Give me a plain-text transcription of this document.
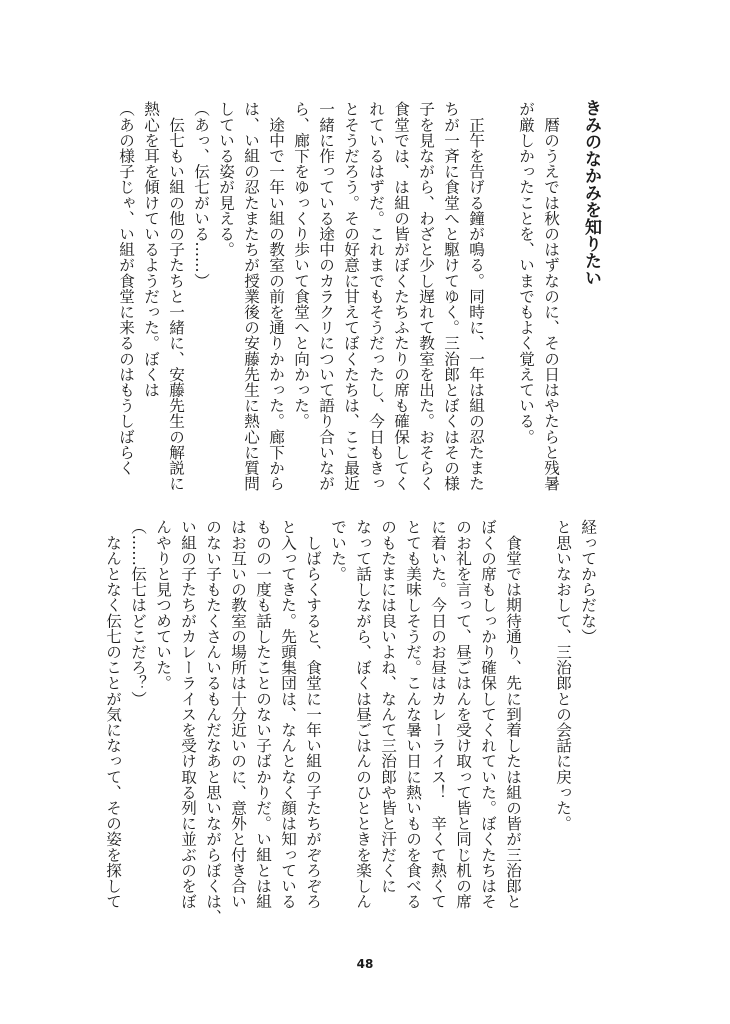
きみのなかみを知りたい
　暦のうえでは秋のはずなのに、その日はやたらと残暑
が厳しかったことを、いまでもよく覚えている。
　正午を告げる鐘が鳴る。同時に、一年は組の忍たまた
ちが一斉に食堂へと駆けてゆく。三治郎とぼくはその様
子を見ながら、わざと少し遅れて教室を出た。おそらく
食堂では、は組の皆がぼくたちふたりの席も確保してく
れているはずだ。これまでもそうだったし、今日もきっ
とそうだろう。その好意に甘えてぼくたちは、ここ最近
一緒に作っている途中のカラクリについて語り合いなが
ら、廊下をゆっくり歩いて食堂へと向かった。
　途中で一年い組の教室の前を通りかかった。廊下から
は、い組の忍たまたちが授業後の安藤先生に熱心に質問
している姿が見える。
（あっ、伝七がいる……）
　伝七もい組の他の子たちと一緒に、安藤先生の解説に
熱心を耳を傾けているようだった。ぼくは
（あの様子じゃ、い組が食堂に来るのはもうしばらく
経ってからだな）
と思いなおして、三治郎との会話に戻った。
　食堂では期待通り、先に到着したは組の皆が三治郎と
ぼくの席もしっかり確保してくれていた。ぼくたちはそ
のお礼を言って、昼ごはんを受け取って皆と同じ机の席
に着いた。今日のお昼はカレーライス！　辛くて熱くて
とても美味しそうだ。こんな暑い日に熱いものを食べる
のもたまには良いよね、なんて三治郎や皆と汗だくに
なって話しながら、ぼくは昼ごはんのひとときを楽しん
でいた。
　しばらくすると、食堂に一年い組の子たちがぞろぞろ
と入ってきた。先頭集団は、なんとなく顔は知っている
ものの一度も話したことのない子ばかりだ。い組とは組
はお互いの教室の場所は十分近いのに、意外と付き合い
のない子もたくさんいるもんだなあと思いながらぼくは、
い組の子たちがカレーライスを受け取る列に並ぶのをぼ
んやりと見つめていた。
（……伝七はどこだろ？）
　なんとなく伝七のことが気になって、その姿を探して
48
